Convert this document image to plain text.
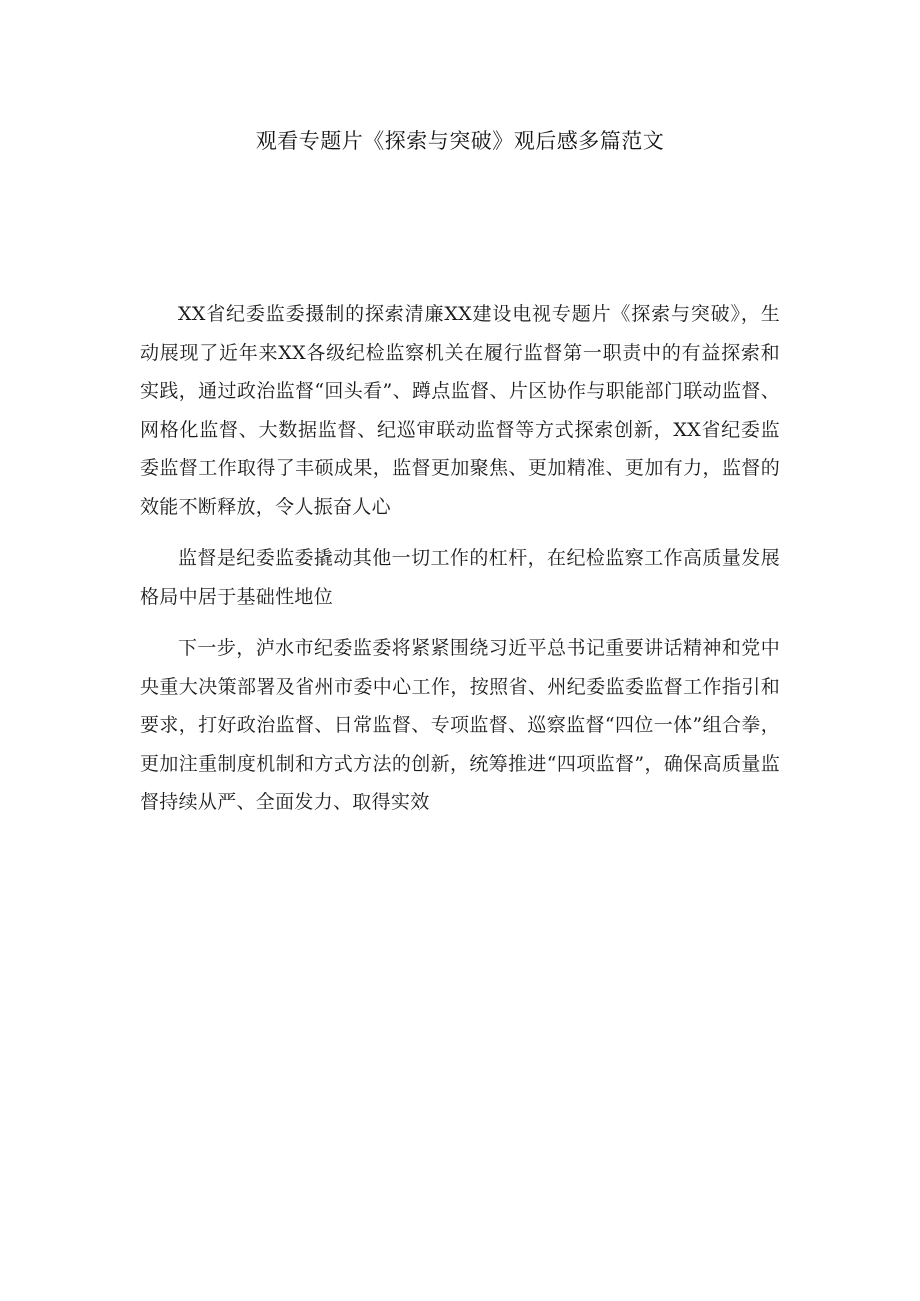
观看专题片《探索与突破》观后感多篇范文

XX省纪委监委摄制的探索清廉XX建设电视专题片《探索与突破》，生动展现了近年来XX各级纪检监察机关在履行监督第一职责中的有益探索和实践，通过政治监督“回头看”、蹲点监督、片区协作与职能部门联动监督、网格化监督、大数据监督、纪巡审联动监督等方式探索创新，XX省纪委监委监督工作取得了丰硕成果，监督更加聚焦、更加精准、更加有力，监督的效能不断释放，令人振奋人心

监督是纪委监委撬动其他一切工作的杠杆，在纪检监察工作高质量发展格局中居于基础性地位

下一步，泸水市纪委监委将紧紧围绕习近平总书记重要讲话精神和党中央重大决策部署及省州市委中心工作，按照省、州纪委监委监督工作指引和要求，打好政治监督、日常监督、专项监督、巡察监督“四位一体”组合拳，更加注重制度机制和方式方法的创新，统筹推进“四项监督”，确保高质量监督持续从严、全面发力、取得实效
